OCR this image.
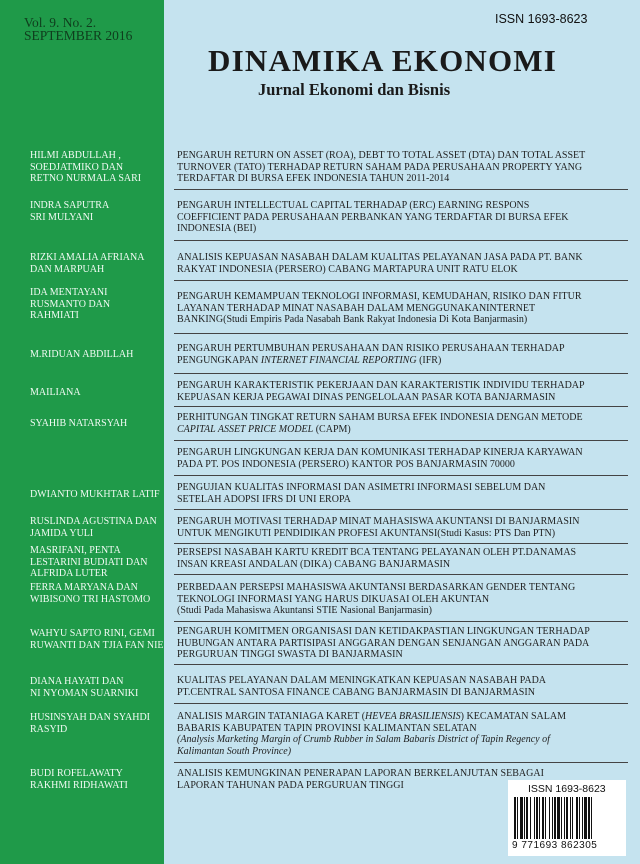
Vol. 9. No. 2.
SEPTEMBER 2016
ISSN 1693-8623
DINAMIKA EKONOMI
Jurnal Ekonomi dan Bisnis
HILMI ABDULLAH ,
SOEDJATMIKO DAN
RETNO NURMALA SARI
PENGARUH RETURN ON ASSET (ROA), DEBT TO TOTAL ASSET (DTA) DAN TOTAL ASSET
TURNOVER (TATO) TERHADAP RETURN SAHAM PADA PERUSAHAAN PROPERTY YANG
TERDAFTAR DI BURSA EFEK INDONESIA TAHUN 2011-2014
INDRA SAPUTRA
SRI MULYANI
PENGARUH INTELLECTUAL CAPITAL TERHADAP (ERC) EARNING RESPONS
COEFFICIENT PADA PERUSAHAAN PERBANKAN YANG TERDAFTAR DI BURSA EFEK
INDONESIA (BEI)
RIZKI AMALIA AFRIANA
DAN MARPUAH
ANALISIS KEPUASAN NASABAH DALAM KUALITAS PELAYANAN JASA PADA PT. BANK
RAKYAT INDONESIA (PERSERO) CABANG MARTAPURA UNIT RATU ELOK
IDA MENTAYANI
RUSMANTO DAN
RAHMIATI
PENGARUH KEMAMPUAN TEKNOLOGI INFORMASI, KEMUDAHAN, RISIKO DAN FITUR
LAYANAN TERHADAP MINAT NASABAH DALAM MENGGUNAKANINTERNET
BANKING(Studi Empiris Pada Nasabah Bank Rakyat Indonesia Di Kota Banjarmasin)
M.RIDUAN ABDILLAH
PENGARUH PERTUMBUHAN PERUSAHAAN DAN RISIKO PERUSAHAAN TERHADAP
PENGUNGKAPAN INTERNET FINANCIAL REPORTING (IFR)
MAILIANA
PENGARUH KARAKTERISTIK PEKERJAAN DAN KARAKTERISTIK INDIVIDU TERHADAP
KEPUASAN KERJA PEGAWAI DINAS PENGELOLAAN PASAR KOTA BANJARMASIN
SYAHIB NATARSYAH
PERHITUNGAN TINGKAT RETURN SAHAM BURSA EFEK INDONESIA DENGAN METODE
CAPITAL ASSET PRICE MODEL (CAPM)
PENGARUH LINGKUNGAN KERJA DAN KOMUNIKASI TERHADAP KINERJA KARYAWAN
PADA PT. POS INDONESIA (PERSERO) KANTOR POS BANJARMASIN 70000
DWIANTO MUKHTAR LATIF
PENGUJIAN KUALITAS INFORMASI DAN ASIMETRI INFORMASI SEBELUM DAN
SETELAH ADOPSI IFRS DI UNI EROPA
RUSLINDA AGUSTINA DAN
JAMIDA YULI
PENGARUH MOTIVASI TERHADAP MINAT MAHASISWA AKUNTANSI DI BANJARMASIN
UNTUK MENGIKUTI PENDIDIKAN PROFESI AKUNTANSI(Studi Kasus: PTS Dan PTN)
MASRIFANI, PENTA
LESTARINI BUDIATI DAN
ALFRIDA LUTER
PERSEPSI NASABAH KARTU KREDIT BCA TENTANG PELAYANAN OLEH PT.DANAMAS
INSAN KREASI ANDALAN (DIKA) CABANG BANJARMASIN
FERRA MARYANA DAN
WIBISONO TRI HASTOMO
PERBEDAAN PERSEPSI MAHASISWA AKUNTANSI BERDASARKAN GENDER TENTANG
TEKNOLOGI INFORMASI YANG HARUS DIKUASAI OLEH AKUNTAN
(Studi Pada Mahasiswa Akuntansi STIE Nasional Banjarmasin)
WAHYU SAPTO RINI, GEMI
RUWANTI DAN TJIA FAN NIE
PENGARUH KOMITMEN ORGANISASI DAN KETIDAKPASTIAN LINGKUNGAN TERHADAP
HUBUNGAN ANTARA PARTISIPASI ANGGARAN DENGAN SENJANGAN ANGGARAN PADA
PERGURUAN TINGGI SWASTA DI BANJARMASIN
DIANA HAYATI DAN
NI NYOMAN SUARNIKI
KUALITAS PELAYANAN DALAM MENINGKATKAN KEPUASAN NASABAH PADA
PT.CENTRAL SANTOSA FINANCE CABANG BANJARMASIN DI BANJARMASIN
HUSINSYAH DAN SYAHDI
RASYID
ANALISIS MARGIN TATANIAGA KARET (HEVEA BRASILIENSIS) KECAMATAN SALAM
BABARIS KABUPATEN TAPIN PROVINSI KALIMANTAN SELATAN
(Analysis Marketing Margin of Crumb Rubber in Salam Babaris District of Tapin Regency of
Kalimantan South Province)
BUDI ROFELAWATY
RAKHMI RIDHAWATI
ANALISIS KEMUNGKINAN PENERAPAN LAPORAN BERKELANJUTAN SEBAGAI
LAPORAN TAHUNAN PADA PERGURUAN TINGGI	ISSN 1693-8623
9 771693 862305
